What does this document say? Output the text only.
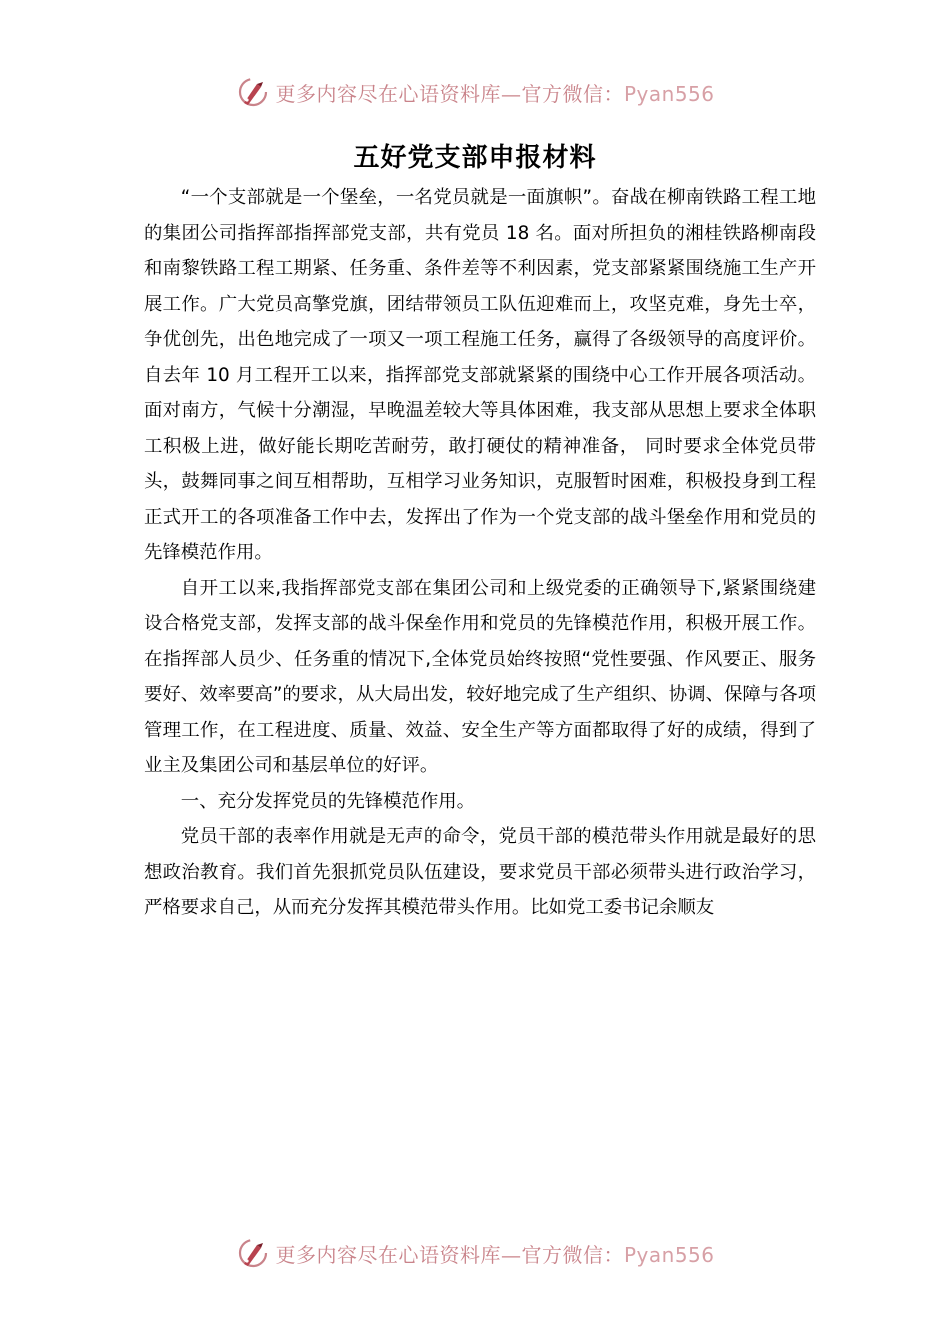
更多内容尽在心语资料库—官方微信：Pyan556
五好党支部申报材料

“一个支部就是一个堡垒，一名党员就是一面旗帜”。奋战在柳南铁路工程工地的集团公司指挥部指挥部党支部，共有党员 18 名。面对所担负的湘桂铁路柳南段和南黎铁路工程工期紧、任务重、条件差等不利因素，党支部紧紧围绕施工生产开展工作。广大党员高擎党旗，团结带领员工队伍迎难而上，攻坚克难，身先士卒，争优创先，出色地完成了一项又一项工程施工任务，赢得了各级领导的高度评价。自去年 10 月工程开工以来，指挥部党支部就紧紧的围绕中心工作开展各项活动。面对南方，气候十分潮湿，早晚温差较大等具体困难，我支部从思想上要求全体职工积极上进，做好能长期吃苦耐劳，敢打硬仗的精神准备， 同时要求全体党员带头，鼓舞同事之间互相帮助，互相学习业务知识，克服暂时困难，积极投身到工程正式开工的各项准备工作中去，发挥出了作为一个党支部的战斗堡垒作用和党员的先锋模范作用。

自开工以来,我指挥部党支部在集团公司和上级党委的正确领导下,紧紧围绕建设合格党支部，发挥支部的战斗保垒作用和党员的先锋模范作用，积极开展工作。在指挥部人员少、任务重的情况下,全体党员始终按照“党性要强、作风要正、服务要好、效率要高”的要求，从大局出发，较好地完成了生产组织、协调、保障与各项管理工作，在工程进度、质量、效益、安全生产等方面都取得了好的成绩，得到了业主及集团公司和基层单位的好评。

一、充分发挥党员的先锋模范作用。

党员干部的表率作用就是无声的命令，党员干部的模范带头作用就是最好的思想政治教育。我们首先狠抓党员队伍建设，要求党员干部必须带头进行政治学习，严格要求自己，从而充分发挥其模范带头作用。比如党工委书记余顺友

更多内容尽在心语资料库—官方微信：Pyan556
